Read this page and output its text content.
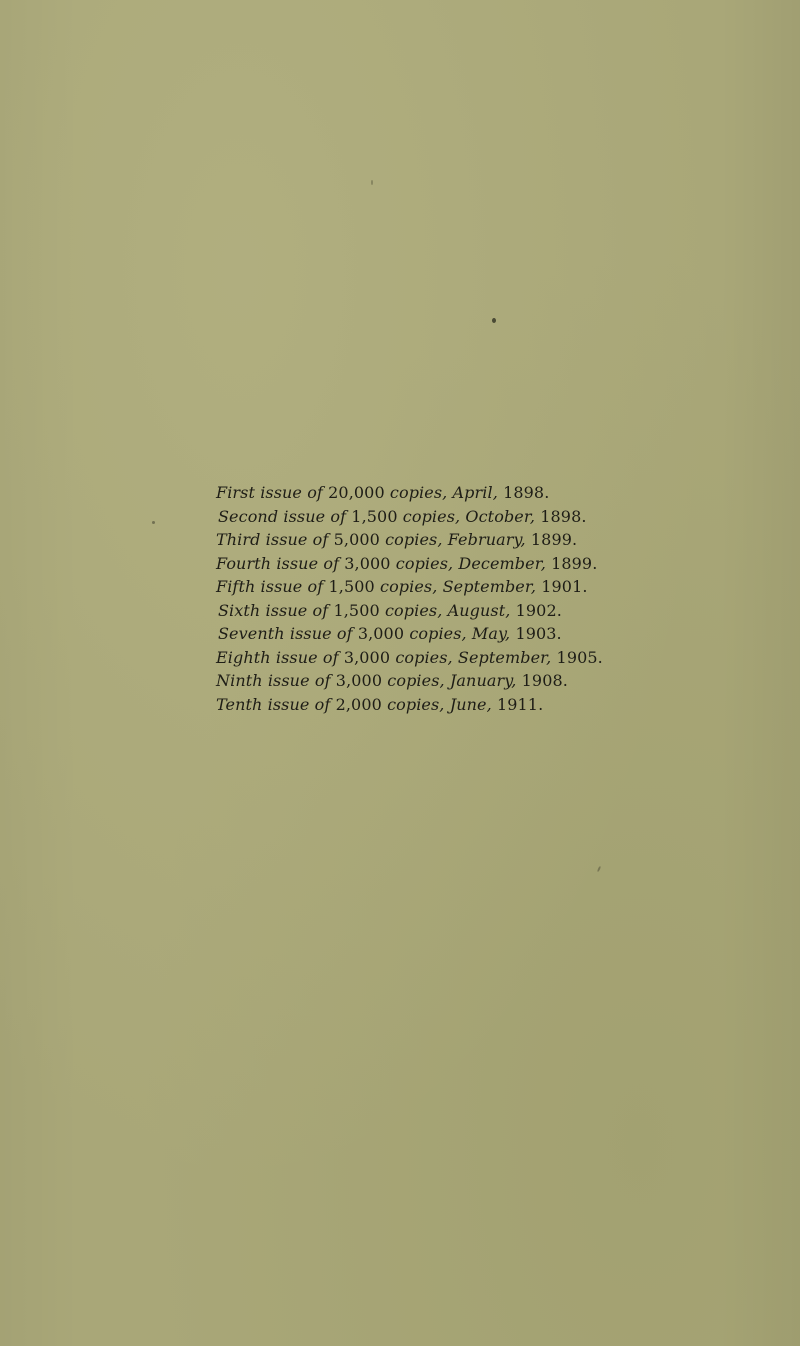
First issue of 20,000 copies, April, 1898.
Second issue of 1,500 copies, October, 1898.
Third issue of 5,000 copies, February, 1899.
Fourth issue of 3,000 copies, December, 1899.
Fifth issue of 1,500 copies, September, 1901.
Sixth issue of 1,500 copies, August, 1902.
Seventh issue of 3,000 copies, May, 1903.
Eighth issue of 3,000 copies, September, 1905.
Ninth issue of 3,000 copies, January, 1908.
Tenth issue of 2,000 copies, June, 1911.
